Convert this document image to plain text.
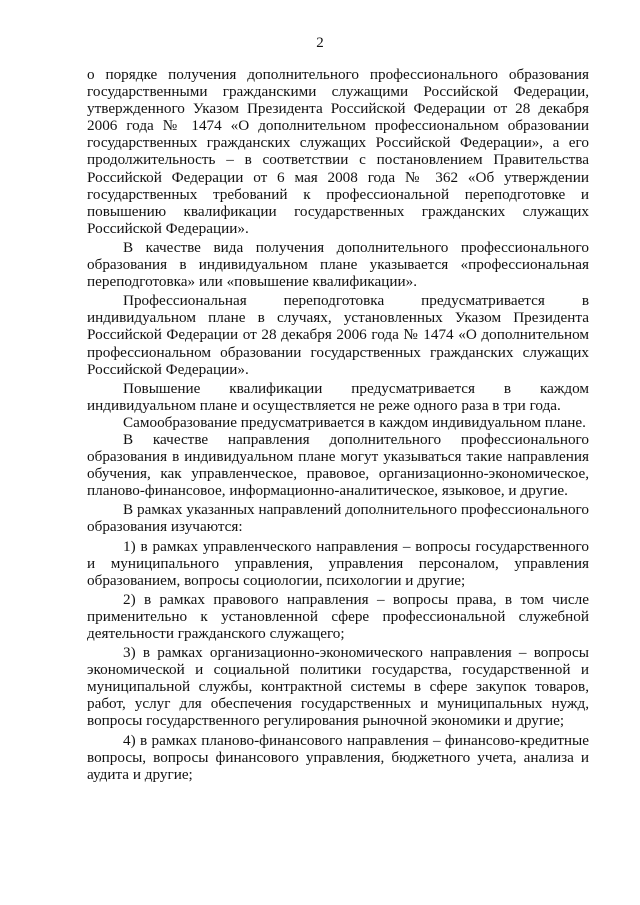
2

о порядке получения дополнительного профессионального образования государственными гражданскими служащими Российской Федерации, утвержденного Указом Президента Российской Федерации от 28 декабря 2006 года № 1474 «О дополнительном профессиональном образовании государственных гражданских служащих Российской Федерации», а его продолжительность – в соответствии с постановлением Правительства Российской Федерации от 6 мая 2008 года № 362 «Об утверждении государственных требований к профессиональной переподготовке и повышению квалификации государственных гражданских служащих Российской Федерации».

В качестве вида получения дополнительного профессионального образования в индивидуальном плане указывается «профессиональная переподготовка» или «повышение квалификации».

Профессиональная переподготовка предусматривается в индивидуальном плане в случаях, установленных Указом Президента Российской Федерации от 28 декабря 2006 года № 1474 «О дополнительном профессиональном образовании государственных гражданских служащих Российской Федерации».

Повышение квалификации предусматривается в каждом индивидуальном плане и осуществляется не реже одного раза в три года.

Самообразование предусматривается в каждом индивидуальном плане.

В качестве направления дополнительного профессионального образования в индивидуальном плане могут указываться такие направления обучения, как управленческое, правовое, организационно-экономическое, планово-финансовое, информационно-аналитическое, языковое, и другие.

В рамках указанных направлений дополнительного профессионального образования изучаются:

1) в рамках управленческого направления – вопросы государственного и муниципального управления, управления персоналом, управления образованием, вопросы социологии, психологии и другие;

2) в рамках правового направления – вопросы права, в том числе применительно к установленной сфере профессиональной служебной деятельности гражданского служащего;

3) в рамках организационно-экономического направления – вопросы экономической и социальной политики государства, государственной и муниципальной службы, контрактной системы в сфере закупок товаров, работ, услуг для обеспечения государственных и муниципальных нужд, вопросы государственного регулирования рыночной экономики и другие;

4) в рамках планово-финансового направления – финансово-кредитные вопросы, вопросы финансового управления, бюджетного учета, анализа и аудита и другие;
